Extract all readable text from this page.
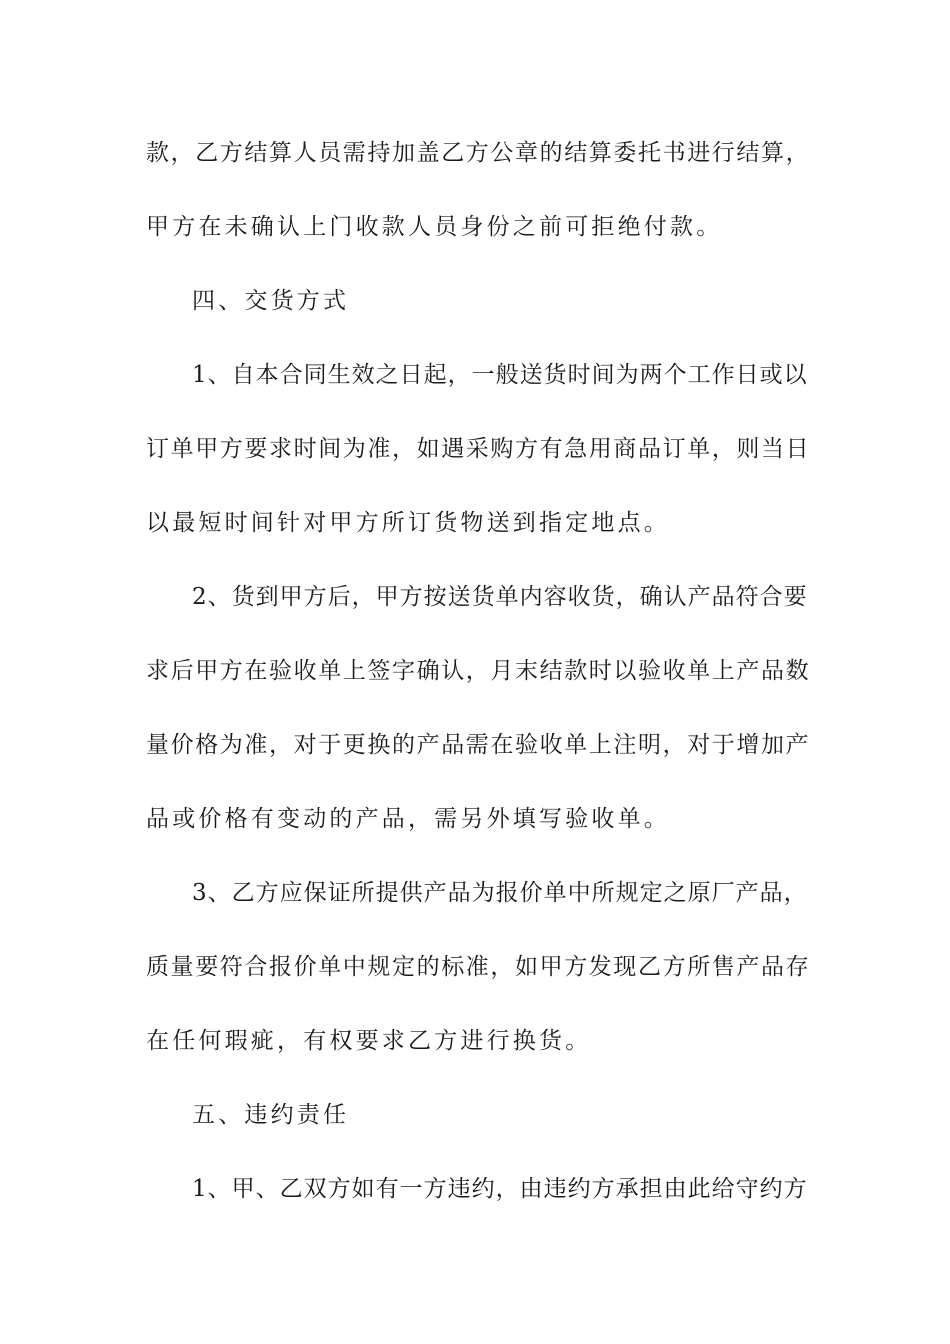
款，乙方结算人员需持加盖乙方公章的结算委托书进行结算，
甲方在未确认上门收款人员身份之前可拒绝付款。
四、交货方式
1、自本合同生效之日起，一般送货时间为两个工作日或以
订单甲方要求时间为准，如遇采购方有急用商品订单，则当日
以最短时间针对甲方所订货物送到指定地点。
2、货到甲方后，甲方按送货单内容收货，确认产品符合要
求后甲方在验收单上签字确认，月末结款时以验收单上产品数
量价格为准，对于更换的产品需在验收单上注明，对于增加产
品或价格有变动的产品，需另外填写验收单。
3、乙方应保证所提供产品为报价单中所规定之原厂产品，
质量要符合报价单中规定的标准，如甲方发现乙方所售产品存
在任何瑕疵，有权要求乙方进行换货。
五、违约责任
1、甲、乙双方如有一方违约，由违约方承担由此给守约方
